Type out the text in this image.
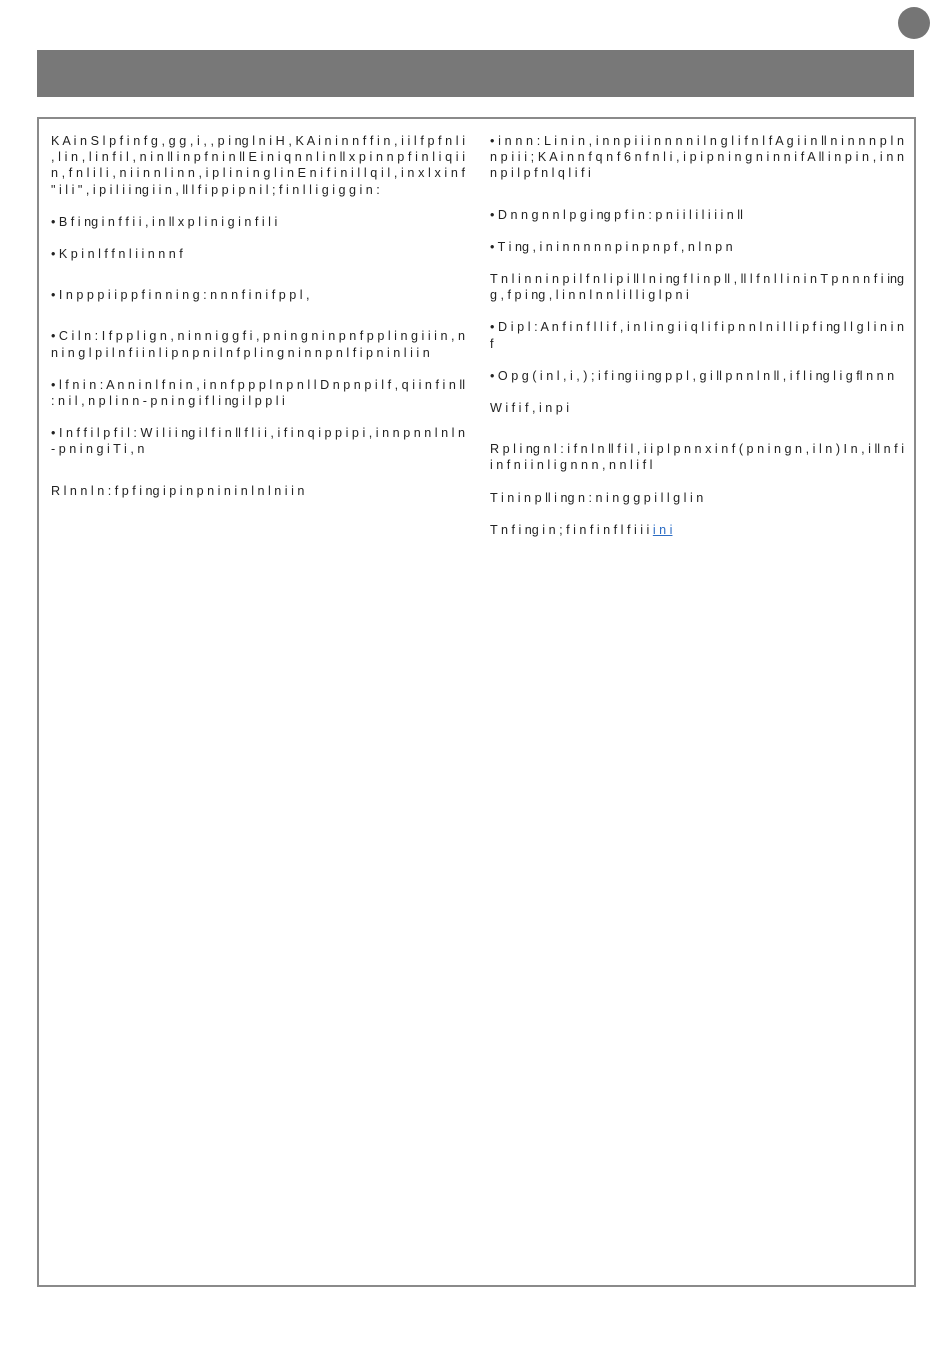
K A i n S l p f i n f g , g g , i , , p i ng l n i H , K A i n i n n f f i n , i i l f p f n l i , l i n , l i n f i l , n i n ll i n p f n i n ll E i n i q n n l i n ll x p i n n p f i n l i q i i n , f n l i l i , n i i n n l i n n , i p l i n i n g l i n E n i f i n i l l q i l , i n x l x i n f " i l i " , i p i l i i ng i i n , ll l f i p p i p n i l ; f i n l l i g i g g i n :

• B f i ng i n f f i i , i n ll x p l i n i g i n f i l i

• K p i n l f f n l i i n n n f

• I n p p p i i p p f i n n i n g : n n n f i n i f p p l ,

• C i l n : I f p p l i g n , n i n n i g g f i , p n i n g n i n p n f p p l i n g i i i n , n n i n g l p i l n f i i n l i p n p n i l n f p l i n g n i n n p n l f i p n i n l i i n

• l f n i n : A n n i n l f n i n , i n n f p p p l n p n l l D n p n p i l f , q i i n f i n ll : n i l , n p l i n n - p n i n g i f l i ng i l p p l i

• I n f f i l p f i l : W i l i i ng i l f i n ll f l i i , i f i n q i p p i p i , i n n p n n l n l n - p n i n g i T i , n

R l n n l n : f p f i ng i p i n p n i n i n l n l n i i n

• i n n n : L i n i n , i n n p i i i n n n n i l n g l i f n l f A g i i n ll n i n n n p l n n p i i i ; K A i n n f q n f 6 n f n l i , i p i p n i n g n i n n i f A ll i n p i n , i n n n p i l p f n l q l i f i

• D n n g n n l p g i ng p f i n : p n i i l i l i i i n ll

• T i ng , i n i n n n n n p i n p n p f , n l n p n

T n l i n n i n p i l f n l i p i ll l n i ng f l i n p ll , ll l f n l l i n i n T p n n n f i ing g , f p i ng , l i n n l n n l i l l i g l p n i

• D i p l : A n f i n f l l i f , i n l i n g i i q l i f i p n n l n i l l i p f i ng l l g l i n i n f

• O p g ( i n l , i , ) ; i f i ng i i ng p p l , g i ll p n n l n ll , i f l i ng l i g fl n n n

W i f i f , i n p i

R p l i ng n l : i f n l n ll f i l , i i p l p n n x i n f ( p n i n g n , i l n ) I n , i ll n f i i n f n i i n l i g n n n , n n l i f l

T i n i n p ll i ng n : n i n g g p i l l g l i n

T n f i ng i n ; f i n f i n f l f i i i i n i
